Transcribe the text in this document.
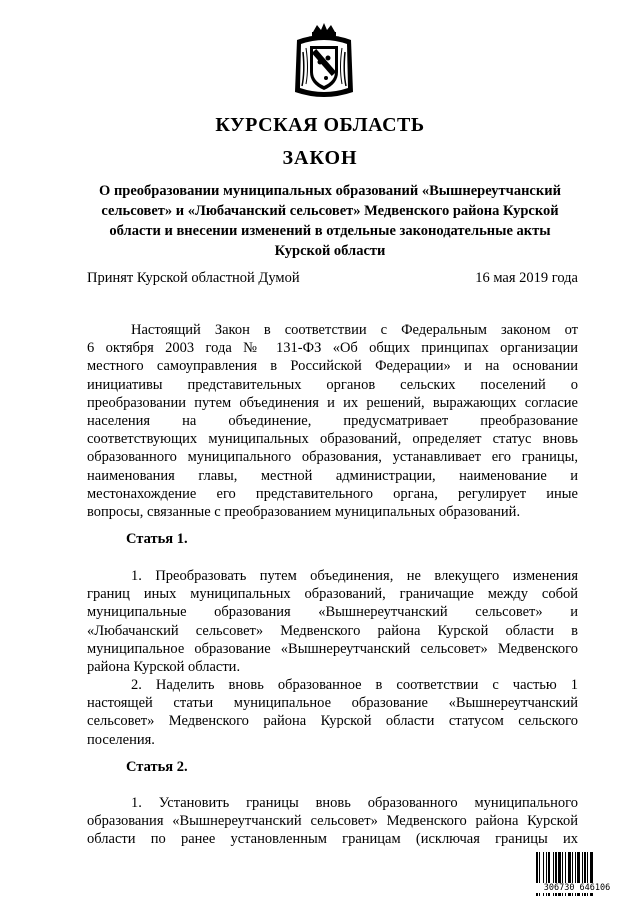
КУРСКАЯ ОБЛАСТЬ
ЗАКОН
О преобразовании муниципальных образований «Вышнереутчанский
сельсовет» и «Любачанский сельсовет» Медвенского района Курской
области и внесении изменений в отдельные законодательные акты
Курской области
Принят Курской областной Думой	16 мая 2019 года
Настоящий Закон в соответствии с Федеральным законом от
6 октября 2003 года № 131-ФЗ «Об общих принципах организации
местного самоуправления в Российской Федерации» и на основании
инициативы представительных органов сельских поселений о
преобразовании путем объединения и их решений, выражающих согласие
населения на объединение, предусматривает преобразование
соответствующих муниципальных образований, определяет статус вновь
образованного муниципального образования, устанавливает его границы,
наименования главы, местной администрации, наименование и
местонахождение его представительного органа, регулирует иные
вопросы, связанные с преобразованием муниципальных образований.
Статья 1.
1. Преобразовать путем объединения, не влекущего изменения
границ иных муниципальных образований, граничащие между собой
муниципальные образования «Вышнереутчанский сельсовет» и
«Любачанский сельсовет» Медвенского района Курской области в
муниципальное образование «Вышнереутчанский сельсовет» Медвенского
района Курской области.
2. Наделить вновь образованное в соответствии с частью 1
настоящей статьи муниципальное образование «Вышнереутчанский
сельсовет» Медвенского района Курской области статусом сельского
поселения.
Статья 2.
1. Установить границы вновь образованного муниципального
образования «Вышнереутчанский сельсовет» Медвенского района Курской
области по ранее установленным границам (исключая границы их
306730 646106
